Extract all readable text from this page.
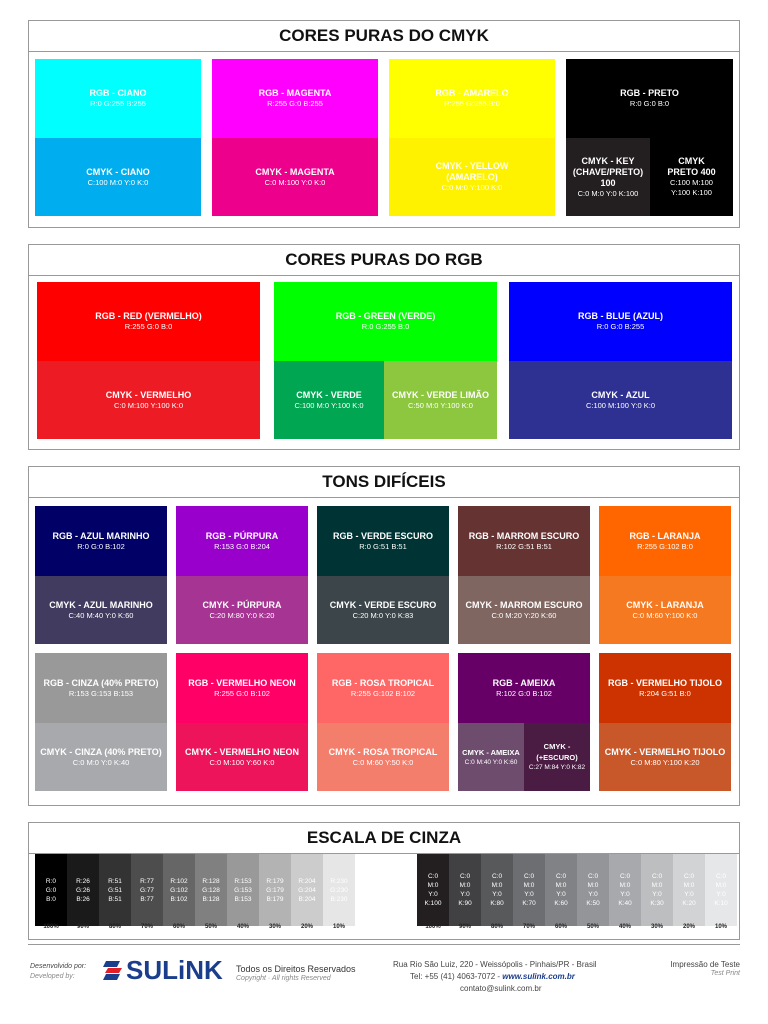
CORES PURAS DO CMYK
CORES PURAS DO RGB
TONS DIFÍCEIS
ESCALA DE CINZA
R:0
G:0
B:0
R:26
G:26
B:26
R:51
G:51
B:51
R:77
G:77
B:77
R:102
G:102
B:102
R:128
G:128
B:128
R:153
G:153
B:153
R:179
G:179
B:179
R:204
G:204
B:204
R:230
G:230
B:230
C:0
M:0
Y:0
K:100
C:0
M:0
Y:0
K:90
C:0
M:0
Y:0
K:80
C:0
M:0
Y:0
K:70
C:0
M:0
Y:0
K:60
C:0
M:0
Y:0
K:50
C:0
M:0
Y:0
K:40
C:0
M:0
Y:0
K:30
C:0
M:0
Y:0
K:20
C:0
M:0
Y:0
K:10
100%	90%	80%	70%	60%	50%	40%	30%	20%	10%	100%	90%	80%	70%	60%	50%	40%	30%	20%	10%
Desenvolvido por:
Developed by: SULiNK Todos os Direitos Reservados
Copyright · All rights Reserved
Rua Rio São Luiz, 220 - Weissópolis - Pinhais/PR - Brasil
Tel: +55 (41) 4063-7072 - www.sulink.com.br
contato@sulink.com.br
Impressão de Teste
Test Print
RGB - CIANO
R:0 G:255 B:255
CMYK - CIANO
C:100 M:0 Y:0 K:0
RGB - MAGENTA
R:255 G:0 B:255
CMYK - MAGENTA
C:0 M:100 Y:0 K:0
RGB - AMARELO
R:255 G:255 B:0
CMYK - YELLOW
(AMARELO)
C:0 M:0 Y:100 K:0
RGB - PRETO
R:0 G:0 B:0
CMYK - KEY
(CHAVE/PRETO)
100
C:0 M:0 Y:0 K:100
CMYK
PRETO 400
C:100 M:100
Y:100 K:100
RGB - RED (VERMELHO)
R:255 G:0 B:0
CMYK - VERMELHO
C:0 M:100 Y:100 K:0
RGB - GREEN (VERDE)
R:0 G:255 B:0
CMYK - VERDE
C:100 M:0 Y:100 K:0
CMYK - VERDE LIMÃO
C:50 M:0 Y:100 K:0
RGB - BLUE (AZUL)
R:0 G:0 B:255
CMYK - AZUL
C:100 M:100 Y:0 K:0
RGB - AZUL MARINHO
R:0 G:0 B:102
CMYK - AZUL MARINHO
C:40 M:40 Y:0 K:60
RGB - PÚRPURA
R:153 G:0 B:204
CMYK - PÚRPURA
C:20 M:80 Y:0 K:20
RGB - VERDE ESCURO
R:0 G:51 B:51
CMYK - VERDE ESCURO
C:20 M:0 Y:0 K:83
RGB - MARROM ESCURO
R:102 G:51 B:51
CMYK - MARROM ESCURO
C:0 M:20 Y:20 K:60
RGB - LARANJA
R:255 G:102 B:0
CMYK - LARANJA
C:0 M:60 Y:100 K:0
RGB - CINZA (40% PRETO)
R:153 G:153 B:153
CMYK - CINZA (40% PRETO)
C:0 M:0 Y:0 K:40
RGB - VERMELHO NEON
R:255 G:0 B:102
CMYK - VERMELHO NEON
C:0 M:100 Y:60 K:0
RGB - ROSA TROPICAL
R:255 G:102 B:102
CMYK - ROSA TROPICAL
C:0 M:60 Y:50 K:0
RGB - AMEIXA
R:102 G:0 B:102
CMYK - AMEIXA
C:0 M:40 Y:0 K:60
CMYK - (+ESCURO)
C:27 M:84 Y:0 K:82
RGB - VERMELHO TIJOLO
R:204 G:51 B:0
CMYK - VERMELHO TIJOLO
C:0 M:80 Y:100 K:20
